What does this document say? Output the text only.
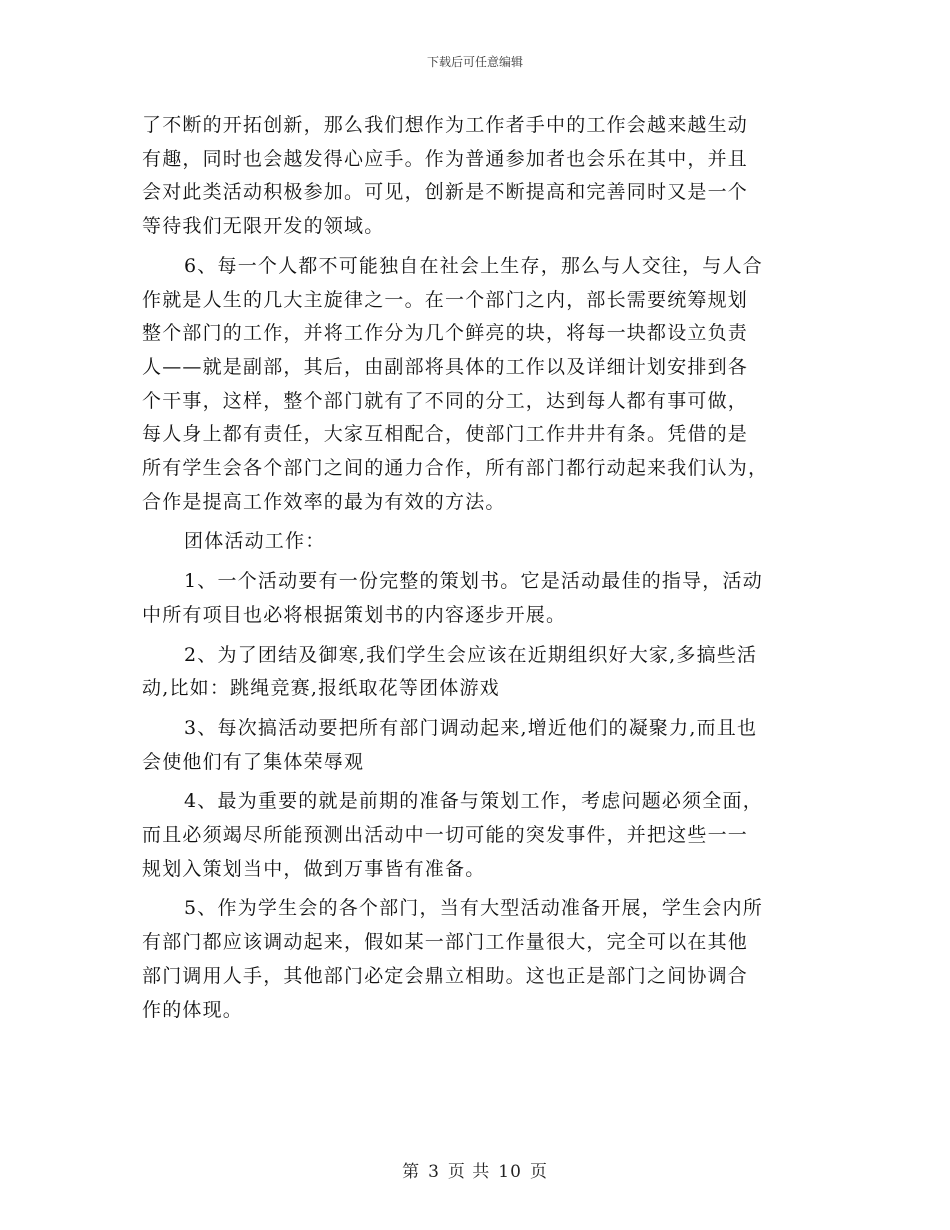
下载后可任意编辑
了不断的开拓创新，那么我们想作为工作者手中的工作会越来越生动
有趣，同时也会越发得心应手。作为普通参加者也会乐在其中，并且
会对此类活动积极参加。可见，创新是不断提高和完善同时又是一个
等待我们无限开发的领域。
6、每一个人都不可能独自在社会上生存，那么与人交往，与人合
作就是人生的几大主旋律之一。在一个部门之内，部长需要统筹规划
整个部门的工作，并将工作分为几个鲜亮的块，将每一块都设立负责
人——就是副部，其后，由副部将具体的工作以及详细计划安排到各
个干事，这样，整个部门就有了不同的分工，达到每人都有事可做，
每人身上都有责任，大家互相配合，使部门工作井井有条。凭借的是
所有学生会各个部门之间的通力合作，所有部门都行动起来我们认为，
合作是提高工作效率的最为有效的方法。
团体活动工作：
1、一个活动要有一份完整的策划书。它是活动最佳的指导，活动
中所有项目也必将根据策划书的内容逐步开展。
2、为了团结及御寒,我们学生会应该在近期组织好大家,多搞些活
动,比如：跳绳竞赛,报纸取花等团体游戏
3、每次搞活动要把所有部门调动起来,增近他们的凝聚力,而且也
会使他们有了集体荣辱观
4、最为重要的就是前期的准备与策划工作，考虑问题必须全面，
而且必须竭尽所能预测出活动中一切可能的突发事件，并把这些一一
规划入策划当中，做到万事皆有准备。
5、作为学生会的各个部门，当有大型活动准备开展，学生会内所
有部门都应该调动起来，假如某一部门工作量很大，完全可以在其他
部门调用人手，其他部门必定会鼎立相助。这也正是部门之间协调合
作的体现。
第 3 页 共 10 页
